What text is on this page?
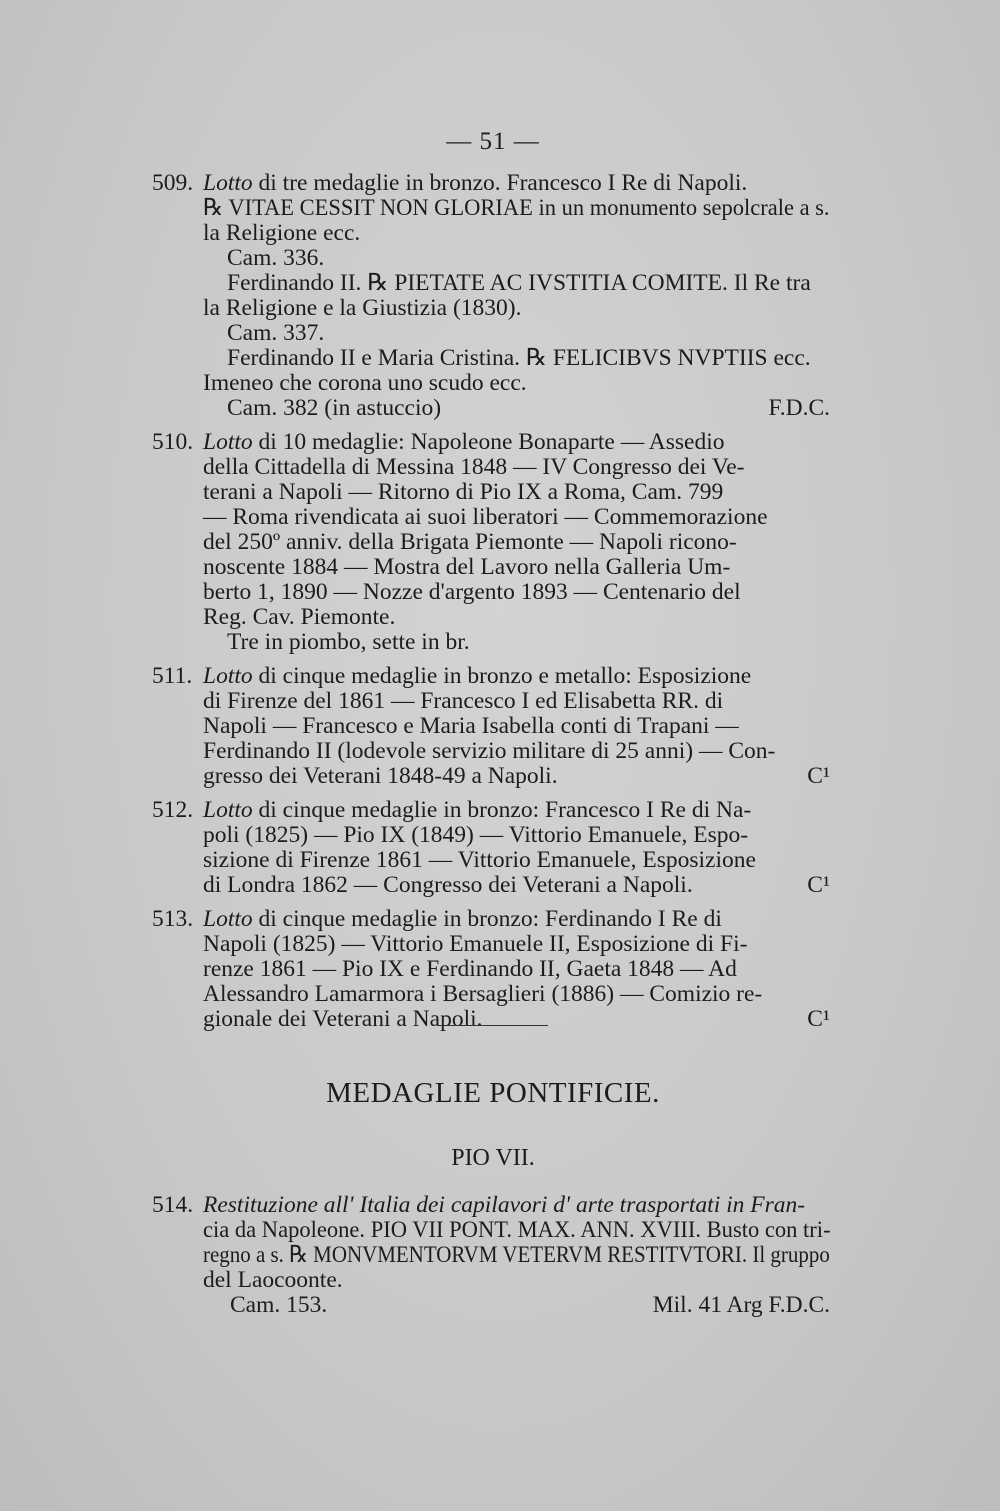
— 51 —
509. Lotto di tre medaglie in bronzo. Francesco I Re di Napoli.
℞ VITAE CESSIT NON GLORIAE in un monumento sepolcrale a s.
la Religione ecc.
Cam. 336.
Ferdinando II. ℞ PIETATE AC IVSTITIA COMITE. Il Re tra
la Religione e la Giustizia (1830).
Cam. 337.
Ferdinando II e Maria Cristina. ℞ FELICIBVS NVPTIIS ecc.
Imeneo che corona uno scudo ecc.
Cam. 382 (in astuccio)	F.D.C.
510. Lotto di 10 medaglie: Napoleone Bonaparte — Assedio
della Cittadella di Messina 1848 — IV Congresso dei Ve-
terani a Napoli — Ritorno di Pio IX a Roma, Cam. 799
— Roma rivendicata ai suoi liberatori — Commemorazione
del 250º anniv. della Brigata Piemonte — Napoli ricono-
noscente 1884 — Mostra del Lavoro nella Galleria Um-
berto 1, 1890 — Nozze d'argento 1893 — Centenario del
Reg. Cav. Piemonte.
Tre in piombo, sette in br.
511. Lotto di cinque medaglie in bronzo e metallo: Esposizione
di Firenze del 1861 — Francesco I ed Elisabetta RR. di
Napoli — Francesco e Maria Isabella conti di Trapani —
Ferdinando II (lodevole servizio militare di 25 anni) — Con-
gresso dei Veterani 1848-49 a Napoli.	C¹
512. Lotto di cinque medaglie in bronzo: Francesco I Re di Na-
poli (1825) — Pio IX (1849) — Vittorio Emanuele, Espo-
sizione di Firenze 1861 — Vittorio Emanuele, Esposizione
di Londra 1862 — Congresso dei Veterani a Napoli.	C¹
513. Lotto di cinque medaglie in bronzo: Ferdinando I Re di
Napoli (1825) — Vittorio Emanuele II, Esposizione di Fi-
renze 1861 — Pio IX e Ferdinando II, Gaeta 1848 — Ad
Alessandro Lamarmora i Bersaglieri (1886) — Comizio re-
gionale dei Veterani a Napoli.	C¹
MEDAGLIE PONTIFICIE.
PIO VII.
514. Restituzione all' Italia dei capilavori d' arte trasportati in Fran-
cia da Napoleone. PIO VII PONT. MAX. ANN. XVIII. Busto con tri-
regno a s. ℞ MONVMENTORVM VETERVM RESTITVTORI. Il gruppo
del Laocoonte.
Cam. 153.	Mil. 41 Arg F.D.C.
